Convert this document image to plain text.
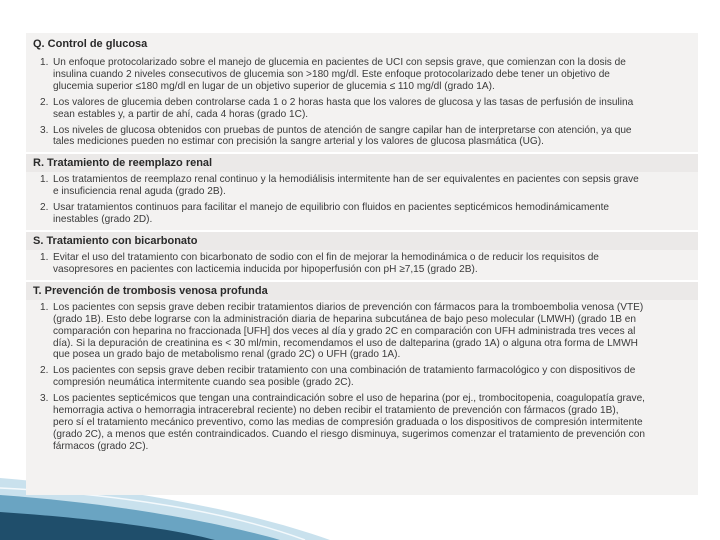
Q. Control de glucosa
1. Un enfoque protocolarizado sobre el manejo de glucemia en pacientes de UCI con sepsis grave, que comienzan con la dosis de
insulina cuando 2 niveles consecutivos de glucemia son >180 mg/dl. Este enfoque protocolarizado debe tener un objetivo de
glucemia superior ≤180 mg/dl en lugar de un objetivo superior de glucemia ≤ 110 mg/dl (grado 1A).
2. Los valores de glucemia deben controlarse cada 1 o 2 horas hasta que los valores de glucosa y las tasas de perfusión de insulina
sean estables y, a partir de ahí, cada 4 horas (grado 1C).
3. Los niveles de glucosa obtenidos con pruebas de puntos de atención de sangre capilar han de interpretarse con atención, ya que
tales mediciones pueden no estimar con precisión la sangre arterial y los valores de glucosa plasmática (UG).
R. Tratamiento de reemplazo renal
1. Los tratamientos de reemplazo renal continuo y la hemodiálisis intermitente han de ser equivalentes en pacientes con sepsis grave
e insuficiencia renal aguda (grado 2B).
2. Usar tratamientos continuos para facilitar el manejo de equilibrio con fluidos en pacientes septicémicos hemodinámicamente
inestables (grado 2D).
S. Tratamiento con bicarbonato
1. Evitar el uso del tratamiento con bicarbonato de sodio con el fin de mejorar la hemodinámica o de reducir los requisitos de
vasopresores en pacientes con lacticemia inducida por hipoperfusión con pH ≥7,15 (grado 2B).
T. Prevención de trombosis venosa profunda
1. Los pacientes con sepsis grave deben recibir tratamientos diarios de prevención con fármacos para la tromboembolia venosa (VTE)
(grado 1B). Esto debe lograrse con la administración diaria de heparina subcutánea de bajo peso molecular (LMWH) (grado 1B en
comparación con heparina no fraccionada [UFH] dos veces al día y grado 2C en comparación con UFH administrada tres veces al
día). Si la depuración de creatinina es < 30 ml/min, recomendamos el uso de dalteparina (grado 1A) o alguna otra forma de LMWH
que posea un grado bajo de metabolismo renal (grado 2C) o UFH (grado 1A).
2. Los pacientes con sepsis grave deben recibir tratamiento con una combinación de tratamiento farmacológico y con dispositivos de
compresión neumática intermitente cuando sea posible (grado 2C).
3. Los pacientes septicémicos que tengan una contraindicación sobre el uso de heparina (por ej., trombocitopenia, coagulopatía grave,
hemorragia activa o hemorragia intracerebral reciente) no deben recibir el tratamiento de prevención con fármacos (grado 1B),
pero sí el tratamiento mecánico preventivo, como las medias de compresión graduada o los dispositivos de compresión intermitente
(grado 2C), a menos que estén contraindicados. Cuando el riesgo disminuya, sugerimos comenzar el tratamiento de prevención con
fármacos (grado 2C).
